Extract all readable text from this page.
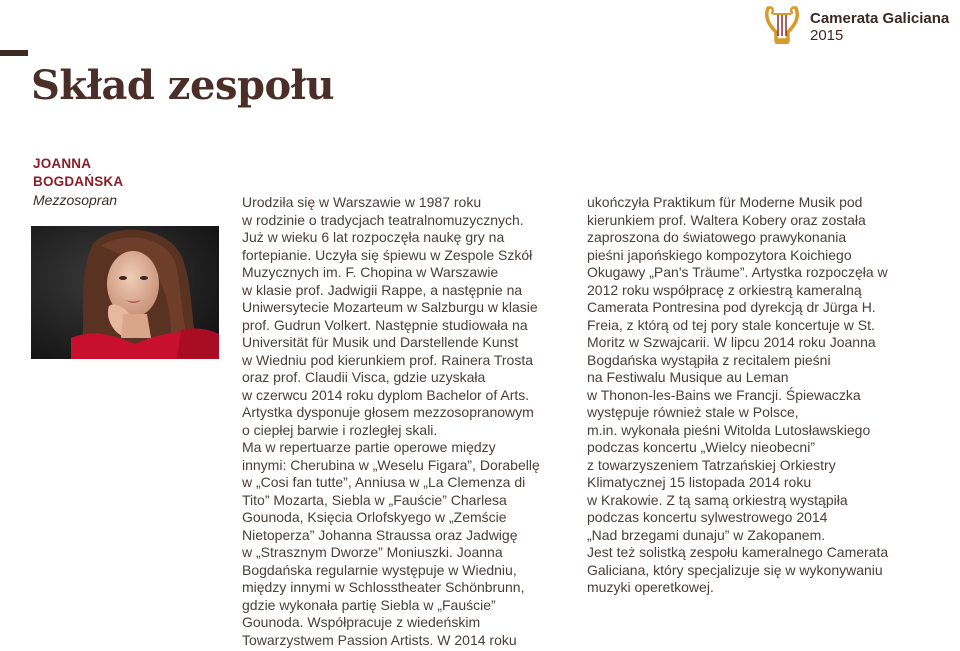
Skład zespołu
Camerata Galiciana
2015
JOANNA
BOGDAŃSKA
Mezzosopran	Urodziła się w Warszawie w 1987 roku

w rodzinie o tradycjach teatralnomuzycznych.

Już w wieku 6 lat rozpoczęła naukę gry na

fortepianie. Uczyła się śpiewu w Zespole Szkół

Muzycznych im. F. Chopina w Warszawie

w klasie prof. Jadwigii Rappe, a następnie na

Uniwersytecie Mozarteum w Salzburgu w klasie

prof. Gudrun Volkert. Następnie studiowała na

Universität für Musik und Darstellende Kunst

w Wiedniu pod kierunkiem prof. Rainera Trosta

oraz prof. Claudii Visca, gdzie uzyskała

w czerwcu 2014 roku dyplom Bachelor of Arts.

Artystka dysponuje głosem mezzosopranowym

o ciepłej barwie i rozległej skali.

Ma w repertuarze partie operowe między

innymi: Cherubina w „Weselu Figara”, Dorabellę

w „Cosi fan tutte”, Anniusa w „La Clemenza di

Tito” Mozarta, Siebla w „Fauście” Charlesa

Gounoda, Księcia Orlofskyego w „Zemście

Nietoperza” Johanna Straussa oraz Jadwigę

w „Strasznym Dworze” Moniuszki. Joanna

Bogdańska regularnie występuje w Wiedniu,

między innymi w Schlosstheater Schönbrunn,

gdzie wykonała partię Siebla w „Fauście”

Gounoda. Współpracuje z wiedeńskim

Towarzystwem Passion Artists. W 2014 roku

ukończyła Praktikum für Moderne Musik pod

kierunkiem prof. Waltera Kobery oraz została

zaproszona do światowego prawykonania

pieśni japońskiego kompozytora Koichiego

Okugawy „Pan's Träume”. Artystka rozpoczęła w

2012 roku współpracę z orkiestrą kameralną

Camerata Pontresina pod dyrekcją dr Jürga H.

Freia, z którą od tej pory stale koncertuje w St.

Moritz w Szwajcarii. W lipcu 2014 roku Joanna

Bogdańska wystąpiła z recitalem pieśni

na Festiwalu Musique au Leman

w Thonon-les-Bains we Francji. Śpiewaczka

występuje również stale w Polsce,

m.in. wykonała pieśni Witolda Lutosławskiego

podczas koncertu „Wielcy nieobecni”

z towarzyszeniem Tatrzańskiej Orkiestry

Klimatycznej 15 listopada 2014 roku

w Krakowie. Z tą samą orkiestrą wystąpiła

podczas koncertu sylwestrowego 2014

„Nad brzegami dunaju” w Zakopanem.

Jest też solistką zespołu kameralnego Camerata

Galiciana, który specjalizuje się w wykonywaniu

muzyki operetkowej.
